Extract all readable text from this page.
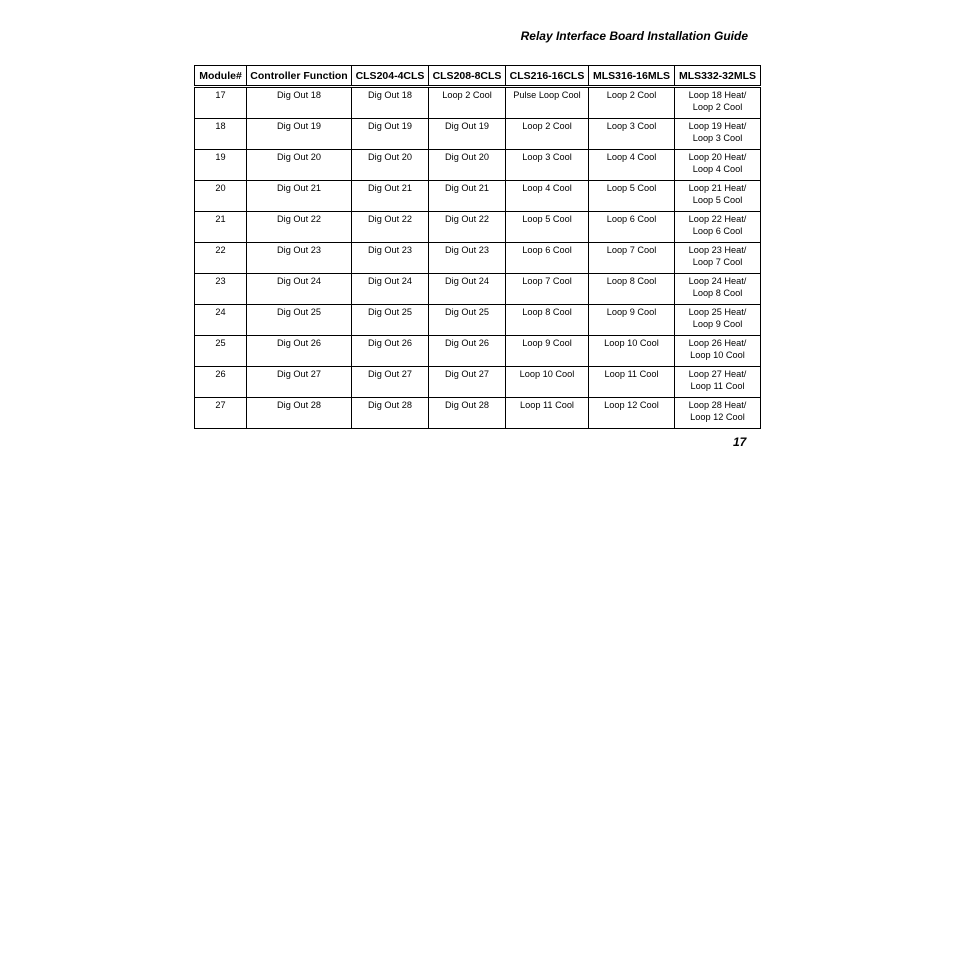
Relay Interface Board Installation Guide
Module#	Controller Function	CLS204-4CLS	CLS208-8CLS	CLS216-16CLS	MLS316-16MLS	MLS332-32MLS
17	Dig Out 18	Dig Out 18	Loop 2 Cool	Pulse Loop Cool	Loop 2 Cool	Loop 18 Heat/ Loop 2 Cool
18	Dig Out 19	Dig Out 19	Dig Out 19	Loop 2 Cool	Loop 3 Cool	Loop 19 Heat/ Loop 3 Cool
19	Dig Out 20	Dig Out 20	Dig Out 20	Loop 3 Cool	Loop 4 Cool	Loop 20 Heat/ Loop 4 Cool
20	Dig Out 21	Dig Out 21	Dig Out 21	Loop 4 Cool	Loop 5 Cool	Loop 21 Heat/ Loop 5 Cool
21	Dig Out 22	Dig Out 22	Dig Out 22	Loop 5 Cool	Loop 6 Cool	Loop 22 Heat/ Loop 6 Cool
22	Dig Out 23	Dig Out 23	Dig Out 23	Loop 6 Cool	Loop 7 Cool	Loop 23 Heat/ Loop 7 Cool
23	Dig Out 24	Dig Out 24	Dig Out 24	Loop 7 Cool	Loop 8 Cool	Loop 24 Heat/ Loop 8 Cool
24	Dig Out 25	Dig Out 25	Dig Out 25	Loop 8 Cool	Loop 9 Cool	Loop 25 Heat/ Loop 9 Cool
25	Dig Out 26	Dig Out 26	Dig Out 26	Loop 9 Cool	Loop 10 Cool	Loop 26 Heat/ Loop 10 Cool
26	Dig Out 27	Dig Out 27	Dig Out 27	Loop 10 Cool	Loop 11 Cool	Loop 27 Heat/ Loop 11 Cool
27	Dig Out 28	Dig Out 28	Dig Out 28	Loop 11 Cool	Loop 12 Cool	Loop 28 Heat/ Loop 12 Cool
17
